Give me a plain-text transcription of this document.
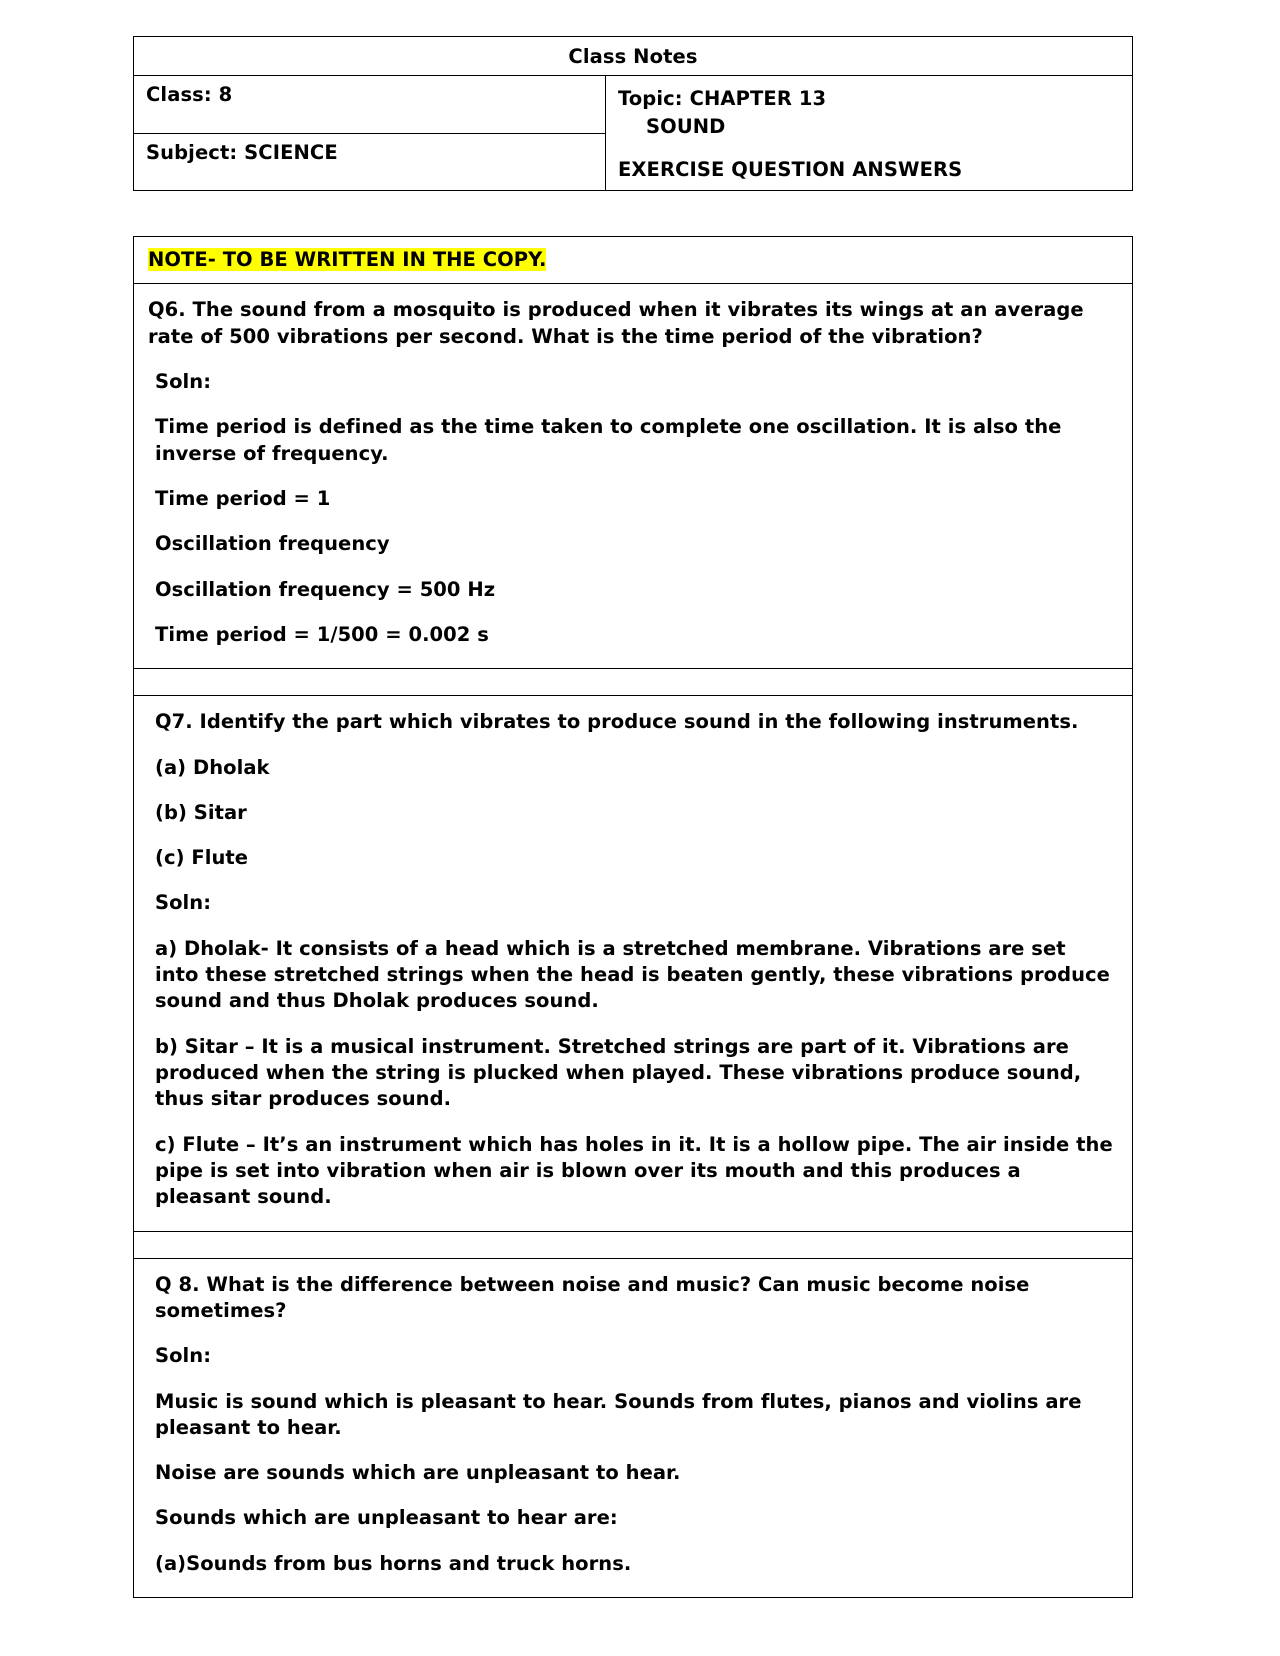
Class Notes
Class: 8	Topic: CHAPTER 13
SOUND
EXERCISE QUESTION ANSWERS

Subject: SCIENCE

NOTE- TO BE WRITTEN IN THE COPY.

Q6. The sound from a mosquito is produced when it vibrates its wings at an average rate of 500 vibrations per second. What is the time period of the vibration?

Soln:

Time period is defined as the time taken to complete one oscillation. It is also the inverse of frequency.

Time period = 1

Oscillation frequency

Oscillation frequency = 500 Hz

Time period = 1/500 = 0.002 s

Q7. Identify the part which vibrates to produce sound in the following instruments.

(a) Dholak

(b) Sitar

(c) Flute

Soln:

a) Dholak- It consists of a head which is a stretched membrane. Vibrations are set into these stretched strings when the head is beaten gently, these vibrations produce sound and thus Dholak produces sound.

b) Sitar – It is a musical instrument. Stretched strings are part of it. Vibrations are produced when the string is plucked when played. These vibrations produce sound, thus sitar produces sound.

c) Flute – It’s an instrument which has holes in it. It is a hollow pipe. The air inside the pipe is set into vibration when air is blown over its mouth and this produces a pleasant sound.

Q 8. What is the difference between noise and music? Can music become noise sometimes?

Soln:

Music is sound which is pleasant to hear. Sounds from flutes, pianos and violins are pleasant to hear.

Noise are sounds which are unpleasant to hear.

Sounds which are unpleasant to hear are:

(a)Sounds from bus horns and truck horns.
